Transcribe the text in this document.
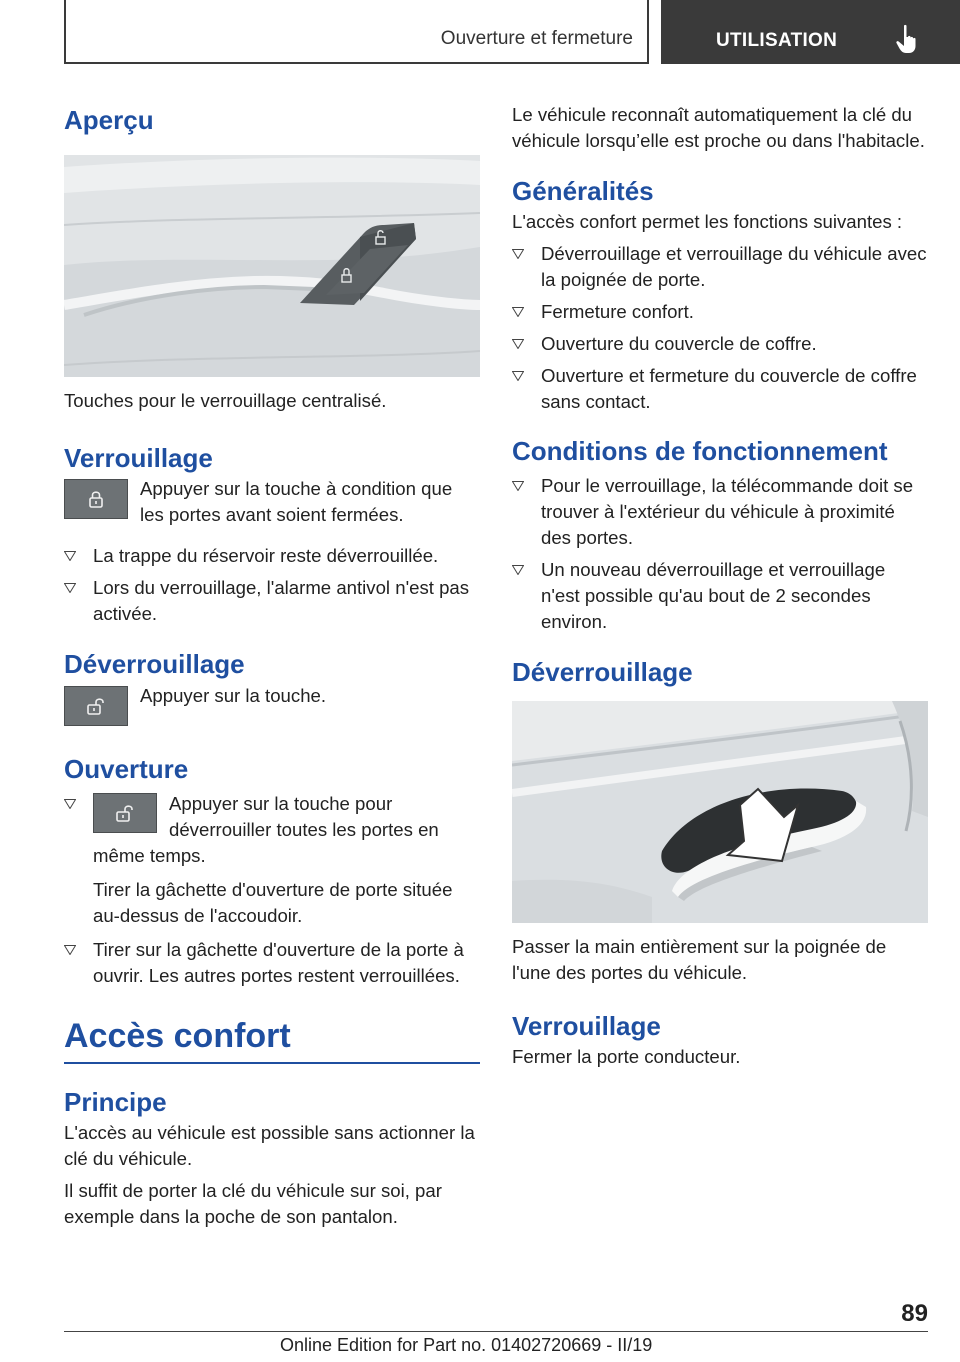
Ouverture et fermeture	UTILISATION
Aperçu

Touches pour le verrouillage centralisé.

Verrouillage

Appuyer sur la touche à condition que les portes avant soient fermées.

La trappe du réservoir reste déverrouillée.
Lors du verrouillage, l'alarme antivol n'est pas activée.
Déverrouillage

Appuyer sur la touche.

Ouverture
Appuyer sur la touche pour déverrouiller toutes les portes en même temps.

Tirer la gâchette d'ouverture de porte située au-dessus de l'accoudoir.

Tirer sur la gâchette d'ouverture de la porte à ouvrir. Les autres portes restent verrouillées.
Accès confort
Principe

L'accès au véhicule est possible sans actionner la clé du véhicule.

Il suffit de porter la clé du véhicule sur soi, par exemple dans la poche de son pantalon.

Le véhicule reconnaît automatiquement la clé du véhicule lorsqu’elle est proche ou dans l'habitacle.

Généralités

L'accès confort permet les fonctions suivantes :

Déverrouillage et verrouillage du véhicule avec la poignée de porte.
Fermeture confort.
Ouverture du couvercle de coffre.
Ouverture et fermeture du couvercle de coffre sans contact.
Conditions de fonctionnement
Pour le verrouillage, la télécommande doit se trouver à l'extérieur du véhicule à proximité des portes.
Un nouveau déverrouillage et verrouillage n'est possible qu'au bout de 2 secondes environ.
Déverrouillage

Passer la main entièrement sur la poignée de l'une des portes du véhicule.

Verrouillage

Fermer la porte conducteur.

89
Online Edition for Part no. 01402720669 - II/19
